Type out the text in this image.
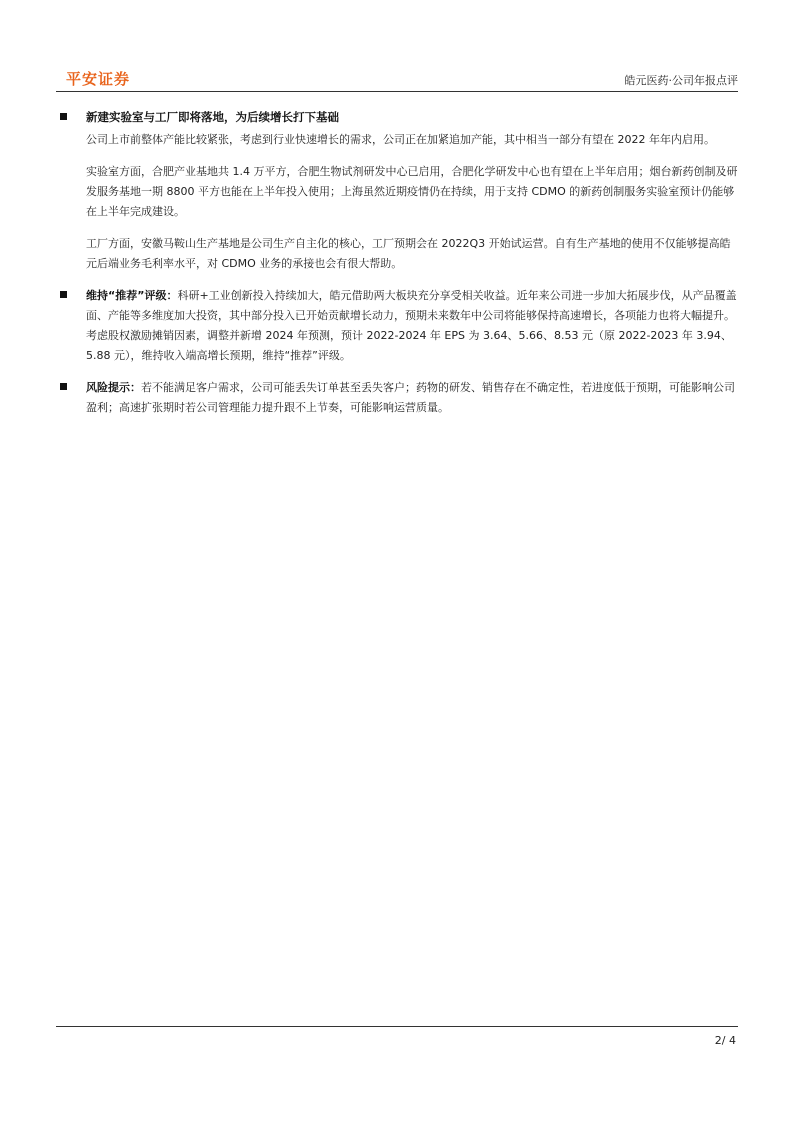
平安证券	皓元医药·公司年报点评
新建实验室与工厂即将落地，为后续增长打下基础

公司上市前整体产能比较紧张，考虑到行业快速增长的需求，公司正在加紧追加产能，其中相当一部分有望在 2022 年年内启用。

实验室方面，合肥产业基地共 1.4 万平方，合肥生物试剂研发中心已启用，合肥化学研发中心也有望在上半年启用；烟台新药创制及研发服务基地一期 8800 平方也能在上半年投入使用；上海虽然近期疫情仍在持续，用于支持 CDMO 的新药创制服务实验室预计仍能够在上半年完成建设。

工厂方面，安徽马鞍山生产基地是公司生产自主化的核心，工厂预期会在 2022Q3 开始试运营。自有生产基地的使用不仅能够提高皓元后端业务毛利率水平，对 CDMO 业务的承接也会有很大帮助。

维持“推荐”评级：科研+工业创新投入持续加大，皓元借助两大板块充分享受相关收益。近年来公司进一步加大拓展步伐，从产品覆盖面、产能等多维度加大投资，其中部分投入已开始贡献增长动力，预期未来数年中公司将能够保持高速增长，各项能力也将大幅提升。考虑股权激励摊销因素，调整并新增 2024 年预测，预计 2022-2024 年 EPS 为 3.64、5.66、8.53 元（原 2022-2023 年 3.94、5.88 元），维持收入端高增长预期，维持“推荐”评级。

风险提示：若不能满足客户需求，公司可能丢失订单甚至丢失客户；药物的研发、销售存在不确定性，若进度低于预期，可能影响公司盈利；高速扩张期时若公司管理能力提升跟不上节奏，可能影响运营质量。

2/ 4
